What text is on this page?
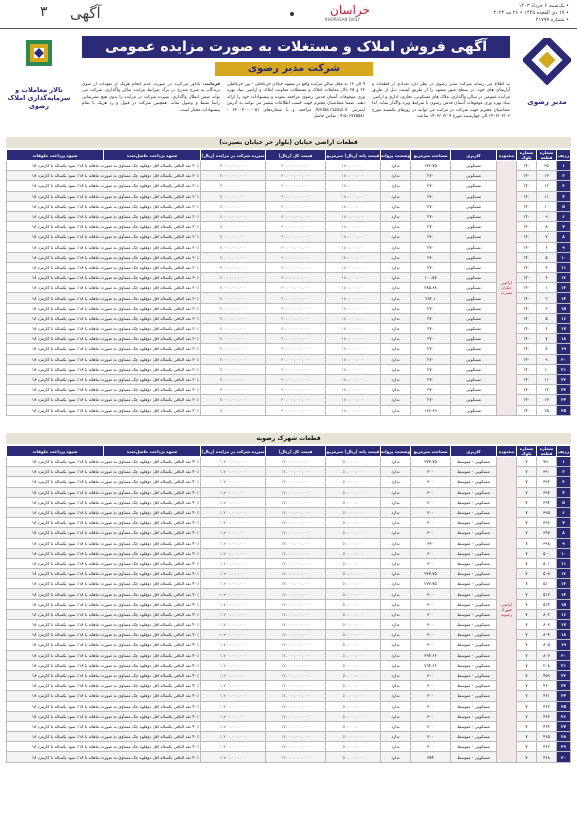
۳ آگهی	خراسان
KHORASAN DAILY
• یک‌شنبه ۶ خرداد ۱۴۰۳
• ۱۷ ذی القعده ۱۴۴۵ • ۲۶ مه ۲۰۲۴
• شماره ۲۱۷۷۷
مدبر رضوی
تالار معاملات و
سرمایه‌گذاری املاک رضوی
آگهی فروش املاک و مستغلات به صورت مزایده عمومی
شرکت مدبر رضوی
به اطلاع می رساند شرکت مدبر رضوی در نظر دارد تعدادی از قطعات و آپارتمان های خود، در سطح شهر مشهد را از طریق لیست ذیل از طریق مزایده عمومی در سالن واگذاری، ملاک های مسکونی، تجاری، اداری و اراضی بنیاد بهره وری موقوفات آستان قدس رضوی با شرایط ویژه واگذار نماید. لذا متقاضیان محترم جهت شرکت در مزایده می توانند در روزهای یکشنبه مورخ ۱۴۰۳/۰۳/۰۶ الی چهارشنبه مورخ ۱۴۰۳/۰۳/۰۹ ساعت
۹ الی ۱۳ به محل سالن مزایده واقع در مشهد خیابان حرعاملی - بین حرعاملی ۲۳ و ۲۵ تالار معاملات املاک و مستغلات معاونت املاک و اراضی بنیاد بهره وری موقوفات آستان قدس رضوی مراجعه نموده و پیشنهادات خود را ارائه دهند. ضمنا متقاضیان محترم جهت کسب اطلاعات بیشتر می توانند به آدرس اینترنتی Amlak.razavi.ir مراجعه و یا شماره‌های ۰۵۱-۳۲۰۰۴۰۰۰ - ۰۹۱۵۰۶۷۷۵۵۸۱ تماس حاصل
فرمایند. یادآور می‌گردد در صورت عدم انجام هریک از تعهدات از سوی برندگان به شرح مندرج در برگ شرایط مزایده سالن واگذاری، شرکت می تواند ضمن ابطال واگذاری، سپرده شرکت در مزایده را بدون هیچ تشریفاتی راسا ضبط و وصول نماید. همچنین شرکت در قبول و رد هریک یا تمام پیشنهادات مختار است.
قطعات اراضی خیابان (بلوار حر خیابان بصیرت)
ردیف	شماره قطعه	شماره بلوک	محدوده	کاربری	مساحت مترمربع	وضعیت پروانه	قیمت پایه (ریال) مترمربع	قیمت کل (ریال)	سپرده شرکت در مزایده (ریال)	شیوه پرداخت حاصل‌شده	شیوه پرداخت خلوقات
۱	۲۵	۱۴۰	اراضی خیابان بصیرت	مسکونی	۱۷۶.۷۵	ندارد	۱۸۰،۰۰۰،۰۰۰	۳۰،۰۰۰،۰۰۰،۰۰۰	۳،۰۰۰،۰۰۰،۰۰۰	۲۰٪ نقد الباقی یکساله اقل دوقلوه چک مساوی به صورت ماهانه با ۱۸٪ سود یکساله با کارمزد ۱۸	
۲	۱۳	۱۴۰		مسکونی	۲۷۰	ندارد	۱۸۰،۰۰۰،۰۰۰	۳۰،۰۰۰،۰۰۰،۰۰۰	۳،۰۰۰،۰۰۰،۰۰۰	۲۰٪ نقد الباقی یکساله اقل دوقلوه چک مساوی به صورت ماهانه با ۱۸٪ سود یکساله با کارمزد ۱۸	
۳	۱۲	۱۴۰		مسکونی	۲۷۰	ندارد	۱۸۰،۰۰۰،۰۰۰	۳۰،۰۰۰،۰۰۰،۰۰۰	۳،۰۰۰،۰۰۰،۰۰۰	۲۰٪ نقد الباقی یکساله اقل دوقلوه چک مساوی به صورت ماهانه با ۱۸٪ سود یکساله با کارمزد ۱۸	
۴	۱۱	۱۴۰		مسکونی	۲۷۰	ندارد	۱۸۰،۰۰۰،۰۰۰	۳۰،۰۰۰،۰۰۰،۰۰۰	۳،۰۰۰،۰۰۰،۰۰۰	۲۰٪ نقد الباقی یکساله اقل دوقلوه چک مساوی به صورت ماهانه با ۱۸٪ سود یکساله با کارمزد ۱۸	
۵	۱۰	۱۴۰		مسکونی	۲۷۰	ندارد	۱۸۰،۰۰۰،۰۰۰	۳۰،۰۰۰،۰۰۰،۰۰۰	۳،۰۰۰،۰۰۰،۰۰۰	۲۰٪ نقد الباقی یکساله اقل دوقلوه چک مساوی به صورت ماهانه با ۱۸٪ سود یکساله با کارمزد ۱۸	
۶	۹	۱۴۰		مسکونی	۲۷۰	ندارد	۱۸۰،۰۰۰،۰۰۰	۳۰،۰۰۰،۰۰۰،۰۰۰	۳،۰۰۰،۰۰۰،۰۰۰	۲۰٪ نقد الباقی یکساله اقل دوقلوه چک مساوی به صورت ماهانه با ۱۸٪ سود یکساله با کارمزد ۱۸	
۷	۸	۱۴۰		مسکونی	۲۷۰	ندارد	۱۸۰،۰۰۰،۰۰۰	۳۰،۰۰۰،۰۰۰،۰۰۰	۳،۰۰۰،۰۰۰،۰۰۰	۲۰٪ نقد الباقی یکساله اقل دوقلوه چک مساوی به صورت ماهانه با ۱۸٪ سود یکساله با کارمزد ۱۸	
۸	۷	۱۴۰		مسکونی	۲۷۰	ندارد	۱۸۰،۰۰۰،۰۰۰	۳۰،۰۰۰،۰۰۰،۰۰۰	۳،۰۰۰،۰۰۰،۰۰۰	۲۰٪ نقد الباقی یکساله اقل دوقلوه چک مساوی به صورت ماهانه با ۱۸٪ سود یکساله با کارمزد ۱۸	
۹	۶	۱۴۰		مسکونی	۲۷۰	ندارد	۱۸۰،۰۰۰،۰۰۰	۳۰،۰۰۰،۰۰۰،۰۰۰	۳،۰۰۰،۰۰۰،۰۰۰	۲۰٪ نقد الباقی یکساله اقل دوقلوه چک مساوی به صورت ماهانه با ۱۸٪ سود یکساله با کارمزد ۱۸	
۱۰	۵	۱۴۰		مسکونی	۲۷۰	ندارد	۱۸۰،۰۰۰،۰۰۰	۳۰،۰۰۰،۰۰۰،۰۰۰	۳،۰۰۰،۰۰۰،۰۰۰	۲۰٪ نقد الباقی یکساله اقل دوقلوه چک مساوی به صورت ماهانه با ۱۸٪ سود یکساله با کارمزد ۱۸	
۱۱	۴	۱۴۰		مسکونی	۲۷۰	ندارد	۱۸۰،۰۰۰،۰۰۰	۳۰،۰۰۰،۰۰۰،۰۰۰	۳،۰۰۰،۰۰۰،۰۰۰	۲۰٪ نقد الباقی یکساله اقل دوقلوه چک مساوی به صورت ماهانه با ۱۸٪ سود یکساله با کارمزد ۱۸	
۱۲	۳	۱۴۰		مسکونی	۱۰۰.۵۳	ندارد	۱۸۰،۰۰۰،۰۰۰	۳۰،۰۰۰،۰۰۰،۰۰۰	۳،۰۰۰،۰۰۰،۰۰۰	۲۰٪ نقد الباقی یکساله اقل دوقلوه چک مساوی به صورت ماهانه با ۱۸٪ سود یکساله با کارمزد ۱۸	
۱۳	۱	۱۴۰		مسکونی	۲۸۵.۶۸	ندارد	۱۸۰،۰۰۰،۰۰۰	۳۰،۰۰۰،۰۰۰،۰۰۰	۳،۰۰۰،۰۰۰،۰۰۰	۲۰٪ نقد الباقی یکساله اقل دوقلوه چک مساوی به صورت ماهانه با ۱۸٪ سود یکساله با کارمزد ۱۸	
۱۴	۲	۱۴۰		مسکونی	۲۹۲.۱	ندارد	۱۸۰،۰۰۰،۰۰۰	۳۰،۰۰۰،۰۰۰،۰۰۰	۳،۰۰۰،۰۰۰،۰۰۰	۲۰٪ نقد الباقی یکساله اقل دوقلوه چک مساوی به صورت ماهانه با ۱۸٪ سود یکساله با کارمزد ۱۸	
۱۵	۲	۱۴۰		مسکونی	۲۷۰	ندارد	۱۸۰،۰۰۰،۰۰۰	۳۰،۰۰۰،۰۰۰،۰۰۰	۳،۰۰۰،۰۰۰،۰۰۰	۲۰٪ نقد الباقی یکساله اقل دوقلوه چک مساوی به صورت ماهانه با ۱۸٪ سود یکساله با کارمزد ۱۸	
۱۶	۵	۱۴۰		مسکونی	۲۷۰	ندارد	۱۸۰،۰۰۰،۰۰۰	۳۰،۰۰۰،۰۰۰،۰۰۰	۳،۰۰۰،۰۰۰،۰۰۰	۲۰٪ نقد الباقی یکساله اقل دوقلوه چک مساوی به صورت ماهانه با ۱۸٪ سود یکساله با کارمزد ۱۸	
۱۷	۶	۱۴۰		مسکونی	۲۷۰	ندارد	۱۸۰،۰۰۰،۰۰۰	۳۰،۰۰۰،۰۰۰،۰۰۰	۳،۰۰۰،۰۰۰،۰۰۰	۲۰٪ نقد الباقی یکساله اقل دوقلوه چک مساوی به صورت ماهانه با ۱۸٪ سود یکساله با کارمزد ۱۸	
۱۸	۷	۱۴۰		مسکونی	۲۷۰	ندارد	۱۸۰،۰۰۰،۰۰۰	۳۰،۰۰۰،۰۰۰،۰۰۰	۳،۰۰۰،۰۰۰،۰۰۰	۲۰٪ نقد الباقی یکساله اقل دوقلوه چک مساوی به صورت ماهانه با ۱۸٪ سود یکساله با کارمزد ۱۸	
۱۹	۸	۱۴۰		مسکونی	۲۷۰	ندارد	۱۸۰،۰۰۰،۰۰۰	۳۰،۰۰۰،۰۰۰،۰۰۰	۳،۰۰۰،۰۰۰،۰۰۰	۲۰٪ نقد الباقی یکساله اقل دوقلوه چک مساوی به صورت ماهانه با ۱۸٪ سود یکساله با کارمزد ۱۸	
۲۰	۹	۱۴۰		مسکونی	۲۷۰	ندارد	۱۸۰،۰۰۰،۰۰۰	۳۰،۰۰۰،۰۰۰،۰۰۰	۳،۰۰۰،۰۰۰،۰۰۰	۲۰٪ نقد الباقی یکساله اقل دوقلوه چک مساوی به صورت ماهانه با ۱۸٪ سود یکساله با کارمزد ۱۸	
۲۱	۱۰	۱۴۰		مسکونی	۲۷۰	ندارد	۱۸۰،۰۰۰،۰۰۰	۳۰،۰۰۰،۰۰۰،۰۰۰	۳،۰۰۰،۰۰۰،۰۰۰	۲۰٪ نقد الباقی یکساله اقل دوقلوه چک مساوی به صورت ماهانه با ۱۸٪ سود یکساله با کارمزد ۱۸	
۲۲	۱۱	۱۴۰		مسکونی	۲۷۰	ندارد	۱۸۰،۰۰۰،۰۰۰	۳۰،۰۰۰،۰۰۰،۰۰۰	۳،۰۰۰،۰۰۰،۰۰۰	۲۰٪ نقد الباقی یکساله اقل دوقلوه چک مساوی به صورت ماهانه با ۱۸٪ سود یکساله با کارمزد ۱۸	
۲۳	۱۲	۱۴۰		مسکونی	۲۷۰	ندارد	۱۸۰،۰۰۰،۰۰۰	۳۰،۰۰۰،۰۰۰،۰۰۰	۳،۰۰۰،۰۰۰،۰۰۰	۲۰٪ نقد الباقی یکساله اقل دوقلوه چک مساوی به صورت ماهانه با ۱۸٪ سود یکساله با کارمزد ۱۸	
۲۴	۱۳	۱۴۰		مسکونی	۲۷۰	ندارد	۱۸۰،۰۰۰،۰۰۰	۳۰،۰۰۰،۰۰۰،۰۰۰	۳،۰۰۰،۰۰۰،۰۰۰	۲۰٪ نقد الباقی یکساله اقل دوقلوه چک مساوی به صورت ماهانه با ۱۸٪ سود یکساله با کارمزد ۱۸	
۲۵	۱۵	۱۴۰		مسکونی	۱۶۶.۶۹	ندارد	۱۸۰،۰۰۰،۰۰۰	۳۰،۰۰۰،۰۰۰،۰۰۰	۳،۰۰۰،۰۰۰،۰۰۰	۲۰٪ نقد الباقی یکساله اقل دوقلوه چک مساوی به صورت ماهانه با ۱۸٪ سود یکساله با کارمزد ۱۸	
قطعات شهرک رضویه
ردیف	شماره قطعه	شماره بلوک	محدوده	کاربری	مساحت مترمربع	وضعیت پروانه	قیمت پایه (ریال) مترمربع	قیمت کل (ریال)	سپرده شرکت در مزایده (ریال)	شیوه پرداخت حاصل‌شده	شیوه پرداخت خلوقات
۱	۷۹۰	۷	اراضی شهرک رضویه	مسکونی - متوسط	۲۷۷.۷۵	ندارد	۵۰،۰۰۰،۰۰۰	۱۷،۰۰۰،۰۰۰،۰۰۰	۱،۷۰۰،۰۰۰،۰۰۰	۴۰٪ نقد الباقی یکساله اقل دوقلوه چک مساوی به صورت ماهانه با ۱۸٪ سود یکساله با کارمزد ۱۸	
۲	۳۹۰	۷		مسکونی - متوسط	۳۰۰	ندارد	۵۰،۰۰۰،۰۰۰	۱۷،۰۰۰،۰۰۰،۰۰۰	۱،۷۰۰،۰۰۰،۰۰۰	۴۰٪ نقد الباقی یکساله اقل دوقلوه چک مساوی به صورت ماهانه با ۱۸٪ سود یکساله با کارمزد ۱۸	
۳	۳۹۲	۷		مسکونی - متوسط	۳۰۰	ندارد	۵۰،۰۰۰،۰۰۰	۱۷،۰۰۰،۰۰۰،۰۰۰	۱،۷۰۰،۰۰۰،۰۰۰	۴۰٪ نقد الباقی یکساله اقل دوقلوه چک مساوی به صورت ماهانه با ۱۸٪ سود یکساله با کارمزد ۱۸	
۴	۳۹۳	۷		مسکونی - متوسط	۳۰۰	ندارد	۵۰،۰۰۰،۰۰۰	۱۷،۰۰۰،۰۰۰،۰۰۰	۱،۷۰۰،۰۰۰،۰۰۰	۴۰٪ نقد الباقی یکساله اقل دوقلوه چک مساوی به صورت ماهانه با ۱۸٪ سود یکساله با کارمزد ۱۸	
۵	۳۹۴	۷		مسکونی - متوسط	۳۰۰	ندارد	۵۰،۰۰۰،۰۰۰	۱۷،۰۰۰،۰۰۰،۰۰۰	۱،۷۰۰،۰۰۰،۰۰۰	۴۰٪ نقد الباقی یکساله اقل دوقلوه چک مساوی به صورت ماهانه با ۱۸٪ سود یکساله با کارمزد ۱۸	
۶	۳۹۵	۷		مسکونی - متوسط	۳۰۰	ندارد	۵۰،۰۰۰،۰۰۰	۱۷،۰۰۰،۰۰۰،۰۰۰	۱،۷۰۰،۰۰۰،۰۰۰	۴۰٪ نقد الباقی یکساله اقل دوقلوه چک مساوی به صورت ماهانه با ۱۸٪ سود یکساله با کارمزد ۱۸	
۷	۳۹۶	۷		مسکونی - متوسط	۳۰۰	ندارد	۵۰،۰۰۰،۰۰۰	۱۷،۰۰۰،۰۰۰،۰۰۰	۱،۷۰۰،۰۰۰،۰۰۰	۴۰٪ نقد الباقی یکساله اقل دوقلوه چک مساوی به صورت ماهانه با ۱۸٪ سود یکساله با کارمزد ۱۸	
۸	۳۹۷	۷		مسکونی - متوسط	۳۰۰	ندارد	۵۰،۰۰۰،۰۰۰	۱۷،۰۰۰،۰۰۰،۰۰۰	۱،۷۰۰،۰۰۰،۰۰۰	۴۰٪ نقد الباقی یکساله اقل دوقلوه چک مساوی به صورت ماهانه با ۱۸٪ سود یکساله با کارمزد ۱۸	
۹	۳۹۸	۷		مسکونی - متوسط	۳۳۰	ندارد	۵۰،۰۰۰،۰۰۰	۱۷،۰۰۰،۰۰۰،۰۰۰	۱،۷۰۰،۰۰۰،۰۰۰	۴۰٪ نقد الباقی یکساله اقل دوقلوه چک مساوی به صورت ماهانه با ۱۸٪ سود یکساله با کارمزد ۱۸	
۱۰	۵۰۰	۷		مسکونی - متوسط	۳۰۰	ندارد	۵۰،۰۰۰،۰۰۰	۱۷،۰۰۰،۰۰۰،۰۰۰	۱،۷۰۰،۰۰۰،۰۰۰	۴۰٪ نقد الباقی یکساله اقل دوقلوه چک مساوی به صورت ماهانه با ۱۸٪ سود یکساله با کارمزد ۱۸	
۱۱	۵۰۱	۷		مسکونی - متوسط	۳۰۰	ندارد	۵۰،۰۰۰،۰۰۰	۱۷،۰۰۰،۰۰۰،۰۰۰	۱،۷۰۰،۰۰۰،۰۰۰	۴۰٪ نقد الباقی یکساله اقل دوقلوه چک مساوی به صورت ماهانه با ۱۸٪ سود یکساله با کارمزد ۱۸	
۱۲	۵۰۸	۷		مسکونی - متوسط	۲۷۷.۷۵	ندارد	۵۰،۰۰۰،۰۰۰	۱۷،۰۰۰،۰۰۰،۰۰۰	۱،۷۰۰،۰۰۰،۰۰۰	۴۰٪ نقد الباقی یکساله اقل دوقلوه چک مساوی به صورت ماهانه با ۱۸٪ سود یکساله با کارمزد ۱۸	
۱۳	۵۱۰	۷		مسکونی - متوسط	۲۷۷.۷۵	ندارد	۵۰،۰۰۰،۰۰۰	۱۷،۰۰۰،۰۰۰،۰۰۰	۱،۷۰۰،۰۰۰،۰۰۰	۴۰٪ نقد الباقی یکساله اقل دوقلوه چک مساوی به صورت ماهانه با ۱۸٪ سود یکساله با کارمزد ۱۸	
۱۴	۵۱۲	۷		مسکونی - متوسط	۳۰۰	ندارد	۵۰،۰۰۰،۰۰۰	۱۷،۰۰۰،۰۰۰،۰۰۰	۱،۷۰۰،۰۰۰،۰۰۰	۴۰٪ نقد الباقی یکساله اقل دوقلوه چک مساوی به صورت ماهانه با ۱۸٪ سود یکساله با کارمزد ۱۸	
۱۵	۵۱۴	۷		مسکونی - متوسط	۳۰۰	ندارد	۵۰،۰۰۰،۰۰۰	۱۷،۰۰۰،۰۰۰،۰۰۰	۱،۷۰۰،۰۰۰،۰۰۰	۴۰٪ نقد الباقی یکساله اقل دوقلوه چک مساوی به صورت ماهانه با ۱۸٪ سود یکساله با کارمزد ۱۸	
۱۶	۸۰۲	۷		مسکونی - متوسط	۳۰۰	ندارد	۵۰،۰۰۰،۰۰۰	۱۷،۰۰۰،۰۰۰،۰۰۰	۱،۷۰۰،۰۰۰،۰۰۰	۴۰٪ نقد الباقی یکساله اقل دوقلوه چک مساوی به صورت ماهانه با ۱۸٪ سود یکساله با کارمزد ۱۸	
۱۷	۸۰۳	۷		مسکونی - متوسط	۳۰۰	ندارد	۵۰،۰۰۰،۰۰۰	۱۷،۰۰۰،۰۰۰،۰۰۰	۱،۷۰۰،۰۰۰،۰۰۰	۴۰٪ نقد الباقی یکساله اقل دوقلوه چک مساوی به صورت ماهانه با ۱۸٪ سود یکساله با کارمزد ۱۸	
۱۸	۸۰۴	۷		مسکونی - متوسط	۳۰۰	ندارد	۵۰،۰۰۰،۰۰۰	۱۷،۰۰۰،۰۰۰،۰۰۰	۱،۷۰۰،۰۰۰،۰۰۰	۴۰٪ نقد الباقی یکساله اقل دوقلوه چک مساوی به صورت ماهانه با ۱۸٪ سود یکساله با کارمزد ۱۸	
۱۹	۸۰۵	۷		مسکونی - متوسط	۳۰۰	ندارد	۵۰،۰۰۰،۰۰۰	۱۷،۰۰۰،۰۰۰،۰۰۰	۱،۷۰۰،۰۰۰،۰۰۰	۴۰٪ نقد الباقی یکساله اقل دوقلوه چک مساوی به صورت ماهانه با ۱۸٪ سود یکساله با کارمزد ۱۸	
۲۰	۸۰۷	۷		مسکونی - متوسط	۲۹۴.۶۶	ندارد	۵۰،۰۰۰،۰۰۰	۱۷،۰۰۰،۰۰۰،۰۰۰	۱،۷۰۰،۰۰۰،۰۰۰	۴۰٪ نقد الباقی یکساله اقل دوقلوه چک مساوی به صورت ماهانه با ۱۸٪ سود یکساله با کارمزد ۱۸	
۲۱	۲۰۸	۷		مسکونی - متوسط	۲۹۴.۶۶	ندارد	۵۰،۰۰۰،۰۰۰	۱۷،۰۰۰،۰۰۰،۰۰۰	۱،۷۰۰،۰۰۰،۰۰۰	۴۰٪ نقد الباقی یکساله اقل دوقلوه چک مساوی به صورت ماهانه با ۱۸٪ سود یکساله با کارمزد ۱۸	
۲۲	۴۵۹	۷		مسکونی - متوسط	۳۰۰	ندارد	۵۰،۰۰۰،۰۰۰	۱۷،۰۰۰،۰۰۰،۰۰۰	۱،۷۰۰،۰۰۰،۰۰۰	۴۰٪ نقد الباقی یکساله اقل دوقلوه چک مساوی به صورت ماهانه با ۱۸٪ سود یکساله با کارمزد ۱۸	
۲۳	۴۶۰	۷		مسکونی - متوسط	۳۰۰	ندارد	۵۰،۰۰۰،۰۰۰	۱۷،۰۰۰،۰۰۰،۰۰۰	۱،۷۰۰،۰۰۰،۰۰۰	۴۰٪ نقد الباقی یکساله اقل دوقلوه چک مساوی به صورت ماهانه با ۱۸٪ سود یکساله با کارمزد ۱۸	
۲۴	۴۶۱	۷		مسکونی - متوسط	۳۰۰	ندارد	۵۰،۰۰۰،۰۰۰	۱۷،۰۰۰،۰۰۰،۰۰۰	۱،۷۰۰،۰۰۰،۰۰۰	۴۰٪ نقد الباقی یکساله اقل دوقلوه چک مساوی به صورت ماهانه با ۱۸٪ سود یکساله با کارمزد ۱۸	
۲۵	۴۶۲	۷		مسکونی - متوسط	۳۰۰	ندارد	۵۰،۰۰۰،۰۰۰	۱۷،۰۰۰،۰۰۰،۰۰۰	۱،۷۰۰،۰۰۰،۰۰۰	۴۰٪ نقد الباقی یکساله اقل دوقلوه چک مساوی به صورت ماهانه با ۱۸٪ سود یکساله با کارمزد ۱۸	
۲۶	۴۶۳	۷		مسکونی - متوسط	۳۰۰	ندارد	۵۰،۰۰۰،۰۰۰	۱۷،۰۰۰،۰۰۰،۰۰۰	۱،۷۰۰،۰۰۰،۰۰۰	۴۰٪ نقد الباقی یکساله اقل دوقلوه چک مساوی به صورت ماهانه با ۱۸٪ سود یکساله با کارمزد ۱۸	
۲۷	۴۶۴	۷		مسکونی - متوسط	۳۰۰	ندارد	۵۰،۰۰۰،۰۰۰	۱۷،۰۰۰،۰۰۰،۰۰۰	۱،۷۰۰،۰۰۰،۰۰۰	۴۰٪ نقد الباقی یکساله اقل دوقلوه چک مساوی به صورت ماهانه با ۱۸٪ سود یکساله با کارمزد ۱۸	
۲۸	۴۶۵	۷		مسکونی - متوسط	۳۰۰	ندارد	۵۰،۰۰۰،۰۰۰	۱۷،۰۰۰،۰۰۰،۰۰۰	۱،۷۰۰،۰۰۰،۰۰۰	۴۰٪ نقد الباقی یکساله اقل دوقلوه چک مساوی به صورت ماهانه با ۱۸٪ سود یکساله با کارمزد ۱۸	
۲۹	۴۶۶	۷		مسکونی - متوسط	۳۰۰	ندارد	۵۰،۰۰۰،۰۰۰	۱۷،۰۰۰،۰۰۰،۰۰۰	۱،۷۰۰،۰۰۰،۰۰۰	۴۰٪ نقد الباقی یکساله اقل دوقلوه چک مساوی به صورت ماهانه با ۱۸٪ سود یکساله با کارمزد ۱۸	
۳۰	۴۶۸	۷		مسکونی - متوسط	۳۵۴	ندارد	۵۰،۰۰۰،۰۰۰	۱۷،۰۰۰،۰۰۰،۰۰۰	۱،۷۰۰،۰۰۰،۰۰۰	۴۰٪ نقد الباقی یکساله اقل دوقلوه چک مساوی به صورت ماهانه با ۱۸٪ سود یکساله با کارمزد ۱۸	
